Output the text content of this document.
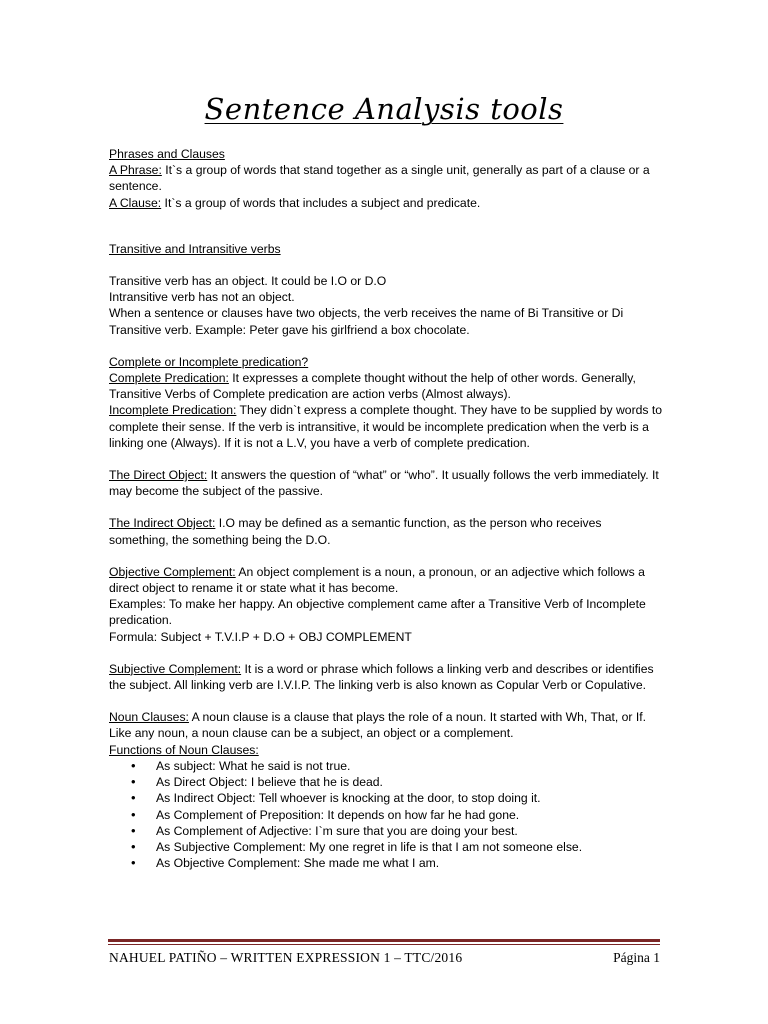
Sentence Analysis tools

Phrases and Clauses

A Phrase: It`s a group of words that stand together as a single unit, generally as part of a clause or a sentence.

A Clause: It`s a group of words that includes a subject and predicate.

Transitive and Intransitive verbs

Transitive verb has an object. It could be I.O or D.O

Intransitive verb has not an object.

When a sentence or clauses have two objects, the verb receives the name of Bi Transitive or Di Transitive verb. Example: Peter gave his girlfriend a box chocolate.

Complete or Incomplete predication?

Complete Predication: It expresses a complete thought without the help of other words. Generally, Transitive Verbs of Complete predication are action verbs (Almost always).

Incomplete Predication: They didn`t express a complete thought. They have to be supplied by words to complete their sense. If the verb is intransitive, it would be incomplete predication when the verb is a linking one (Always). If it is not a L.V, you have a verb of complete predication.

The Direct Object: It answers the question of “what” or “who”. It usually follows the verb immediately. It may become the subject of the passive.

The Indirect Object: I.O may be defined as a semantic function, as the person who receives something, the something being the D.O.

Objective Complement: An object complement is a noun, a pronoun, or an adjective which follows a direct object to rename it or state what it has become.

Examples: To make her happy. An objective complement came after a Transitive Verb of Incomplete predication.

Formula: Subject + T.V.I.P + D.O + OBJ COMPLEMENT

Subjective Complement: It is a word or phrase which follows a linking verb and describes or identifies the subject. All linking verb are I.V.I.P. The linking verb is also known as Copular Verb or Copulative.

Noun Clauses: A noun clause is a clause that plays the role of a noun. It started with Wh, That, or If. Like any noun, a noun clause can be a subject, an object or a complement.

Functions of Noun Clauses:

• As subject: What he said is not true.
• As Direct Object: I believe that he is dead.
• As Indirect Object: Tell whoever is knocking at the door, to stop doing it.
• As Complement of Preposition: It depends on how far he had gone.
• As Complement of Adjective: I`m sure that you are doing your best.
• As Subjective Complement: My one regret in life is that I am not someone else.
• As Objective Complement: She made me what I am.
NAHUEL PATIÑO – WRITTEN EXPRESSION 1 – TTC/2016	Página 1
